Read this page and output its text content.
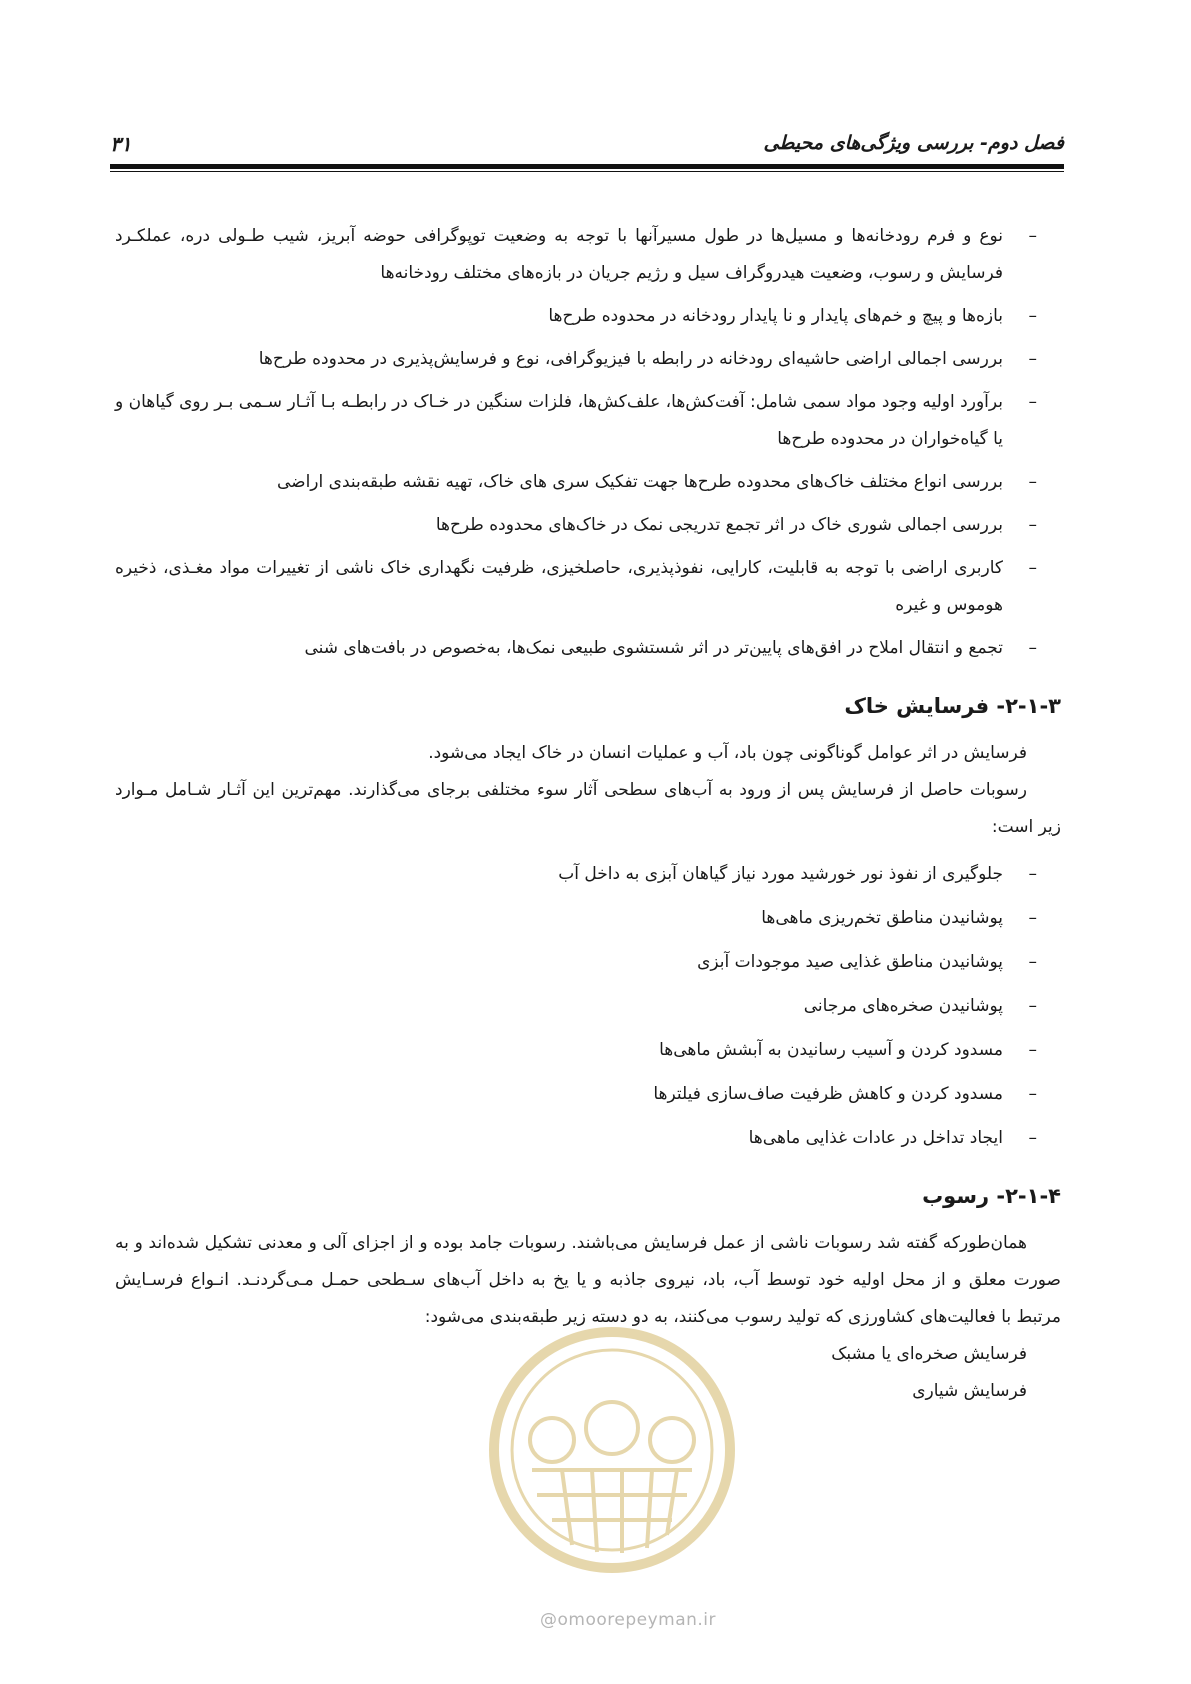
۳۱	فصل دوم- بررسی ویژگی‌های محیطی
– نوع و فرم رودخانه‌ها و مسیل‌ها در طول مسیرآنها با توجه به وضعیت توپوگرافی حوضه آبریز، شیب طـولی دره، عملکـرد فرسایش و رسوب، وضعیت هیدروگراف سیل و رژیم جریان در بازه‌های مختلف رودخانه‌ها
– بازه‌ها و پیچ و خم‌های پایدار و نا پایدار رودخانه در محدوده طرح‌ها
– بررسی اجمالی اراضی حاشیه‌ای رودخانه در رابطه با فیزیوگرافی، نوع و فرسایش‌پذیری در محدوده طرح‌ها
– برآورد اولیه وجود مواد سمی شامل: آفت‌کش‌ها، علف‌کش‌ها، فلزات سنگین در خـاک در رابطـه بـا آثـار سـمی بـر روی گیاهان و یا گیاه‌خواران در محدوده طرح‌ها
– بررسی انواع مختلف خاک‌های محدوده طرح‌ها جهت تفکیک سری های خاک، تهیه نقشه طبقه‌بندی اراضی
– بررسی اجمالی شوری خاک در اثر تجمع تدریجی نمک در خاک‌های محدوده طرح‌ها
– کاربری اراضی با توجه به قابلیت، کارایی، نفوذپذیری، حاصلخیزی، ظرفیت نگهداری خاک ناشی از تغییرات مواد مغـذی، ذخیره هوموس و غیره
– تجمع و انتقال املاح در افق‌های پایین‌تر در اثر شستشوی طبیعی نمک‌ها، به‌خصوص در بافت‌های شنی
۲-۱-۳- فرسایش خاک

فرسایش در اثر عوامل گوناگونی چون باد، آب و عملیات انسان در خاک ایجاد می‌شود.

رسوبات حاصل از فرسایش پس از ورود به آب‌های سطحی آثار سوء مختلفی برجای می‌گذارند. مهم‌ترین این آثـار شـامل مـوارد زیر است:

– جلوگیری از نفوذ نور خورشید مورد نیاز گیاهان آبزی به داخل آب
– پوشانیدن مناطق تخم‌ریزی ماهی‌ها
– پوشانیدن مناطق غذایی صید موجودات آبزی
– پوشانیدن صخره‌های مرجانی
– مسدود کردن و آسیب رسانیدن به آبشش ماهی‌ها
– مسدود کردن و کاهش ظرفیت صاف‌سازی فیلترها
– ایجاد تداخل در عادات غذایی ماهی‌ها
۲-۱-۴- رسوب

همان‌طورکه گفته شد رسوبات ناشی از عمل فرسایش می‌باشند. رسوبات جامد بوده و از اجزای آلی و معدنی تشکیل شده‌اند و به صورت معلق و از محل اولیه خود توسط آب، باد، نیروی جاذبه و یا یخ به داخل آب‌های سـطحی حمـل مـی‌گردنـد. انـواع فرسـایش مرتبط با فعالیت‌های کشاورزی که تولید رسوب می‌کنند، به دو دسته زیر طبقه‌بندی می‌شود:

فرسایش صخره‌ای یا مشبک

فرسایش شیاری

@omoorepeyman.ir
